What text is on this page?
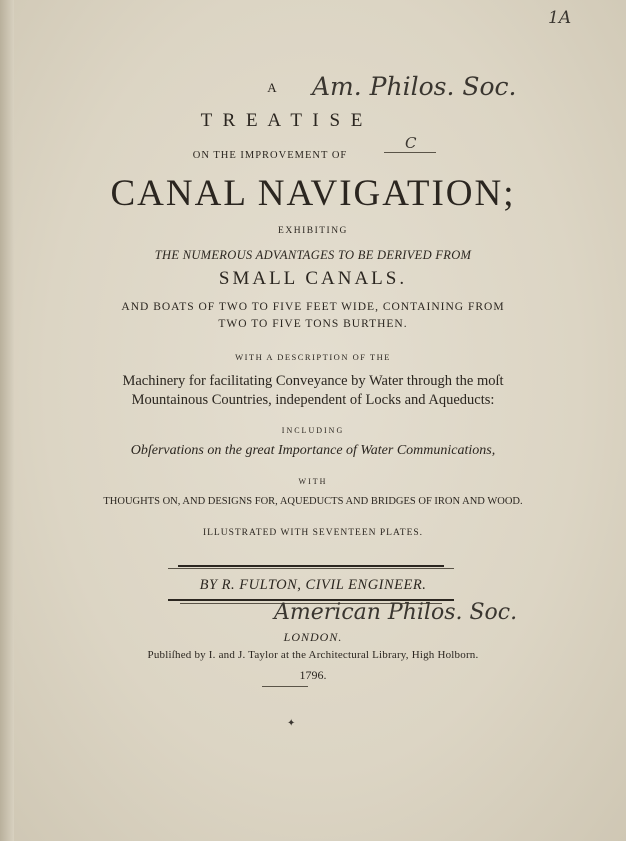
1A
Am. Philos. Soc.
C
A
T R E A T I S E
ON THE IMPROVEMENT OF
CANAL NAVIGATION;
EXHIBITING
THE NUMEROUS ADVANTAGES TO BE DERIVED FROM
SMALL CANALS.
AND BOATS OF TWO TO FIVE FEET WIDE, CONTAINING FROM
TWO TO FIVE TONS BURTHEN.
WITH A DESCRIPTION OF THE
Machinery for facilitating Conveyance by Water through the moſt
Mountainous Countries, independent of Locks and Aqueducts:
INCLUDING
Obſervations on the great Importance of Water Communications,
WITH
THOUGHTS ON, AND DESIGNS FOR, AQUEDUCTS AND BRIDGES OF IRON AND WOOD.
ILLUSTRATED WITH SEVENTEEN PLATES.
BY R. FULTON, CIVIL ENGINEER.
American Philos. Soc.
LONDON.
Publiſhed by I. and J. Taylor at the Architectural Library, High Holborn.
1796.
✦
